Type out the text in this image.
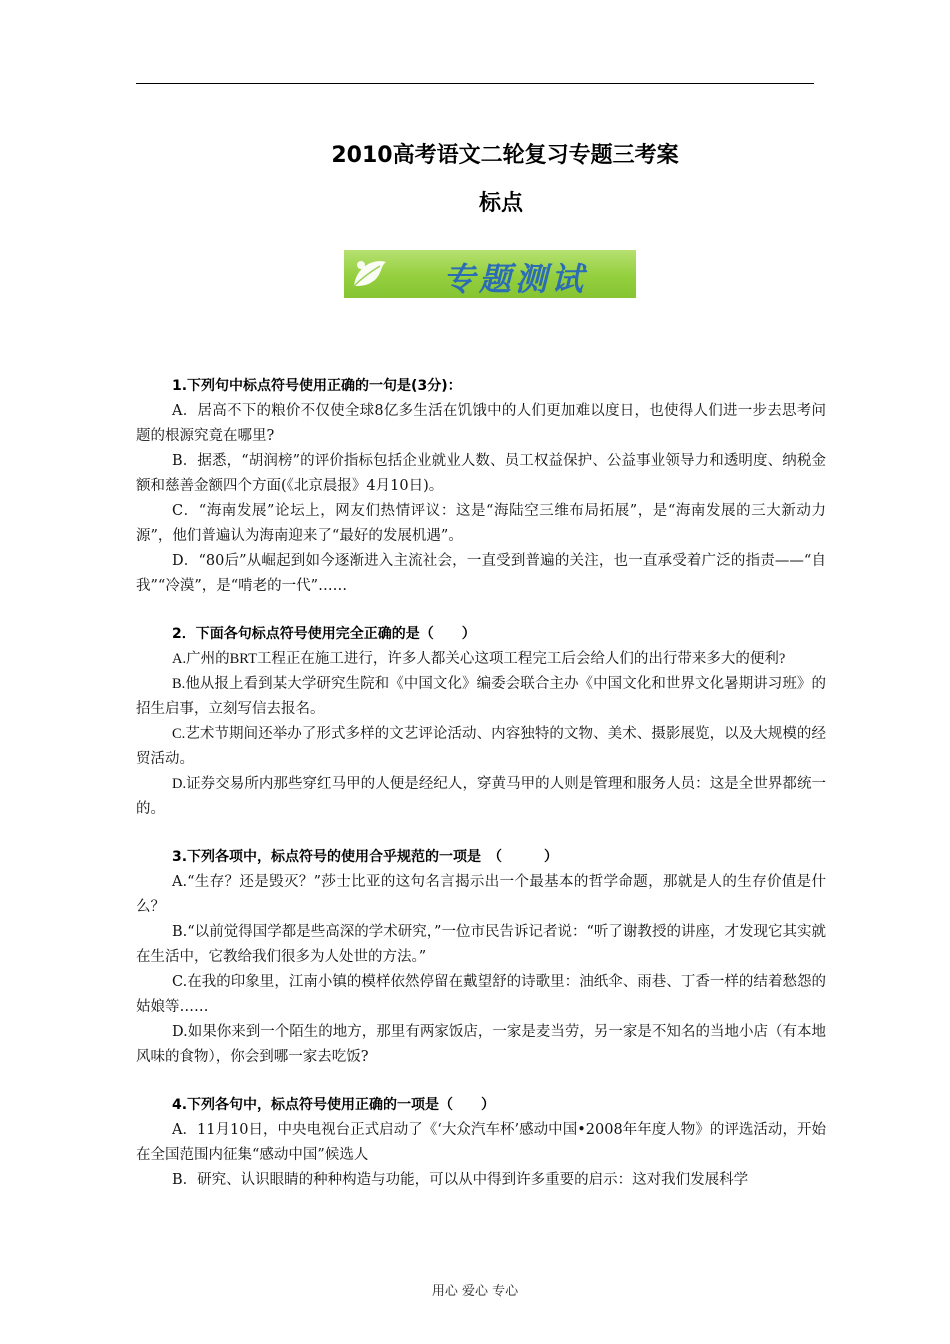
2010高考语文二轮复习专题三考案
标点
专题测试
1.下列句中标点符号使用正确的一句是(3分)：

A．居高不下的粮价不仅使全球8亿多生活在饥饿中的人们更加难以度日，也使得人们进一步去思考问题的根源究竟在哪里?

B．据悉，“胡润榜”的评价指标包括企业就业人数、员工权益保护、公益事业领导力和透明度、纳税金额和慈善金额四个方面(《北京晨报》4月10日)。

C．“海南发展”论坛上，网友们热情评议：这是“海陆空三维布局拓展”，是“海南发展的三大新动力源”，他们普遍认为海南迎来了“最好的发展机遇”。

D．“80后”从崛起到如今逐渐进入主流社会，一直受到普遍的关注，也一直承受着广泛的指责——“自我”“冷漠”，是“啃老的一代”……

2．下面各句标点符号使用完全正确的是（　　）

A.广州的BRT工程正在施工进行，许多人都关心这项工程完工后会给人们的出行带来多大的便利?

B.他从报上看到某大学研究生院和《中国文化》编委会联合主办《中国文化和世界文化暑期讲习班》的招生启事，立刻写信去报名。

C.艺术节期间还举办了形式多样的文艺评论活动、内容独特的文物、美术、摄影展览，以及大规模的经贸活动。

D.证券交易所内那些穿红马甲的人便是经纪人，穿黄马甲的人则是管理和服务人员：这是全世界都统一的。

3.下列各项中，标点符号的使用合乎规范的一项是　（　　　）

A.“生存？还是毁灭？”莎士比亚的这句名言揭示出一个最基本的哲学命题，那就是人的生存价值是什么？

B.“以前觉得国学都是些高深的学术研究，”一位市民告诉记者说：“听了谢教授的讲座，才发现它其实就在生活中，它教给我们很多为人处世的方法。”

C.在我的印象里，江南小镇的模样依然停留在戴望舒的诗歌里：油纸伞、雨巷、丁香一样的结着愁怨的姑娘等……

D.如果你来到一个陌生的地方，那里有两家饭店，一家是麦当劳，另一家是不知名的当地小店（有本地风味的食物），你会到哪一家去吃饭?

4.下列各句中，标点符号使用正确的一项是（　　）

A．11月10日，中央电视台正式启动了《‘大众汽车杯’感动中国•2008年年度人物》的评选活动，开始在全国范围内征集“感动中国”候选人

B．研究、认识眼睛的种种构造与功能，可以从中得到许多重要的启示：这对我们发展科学

用心 爱心 专心
